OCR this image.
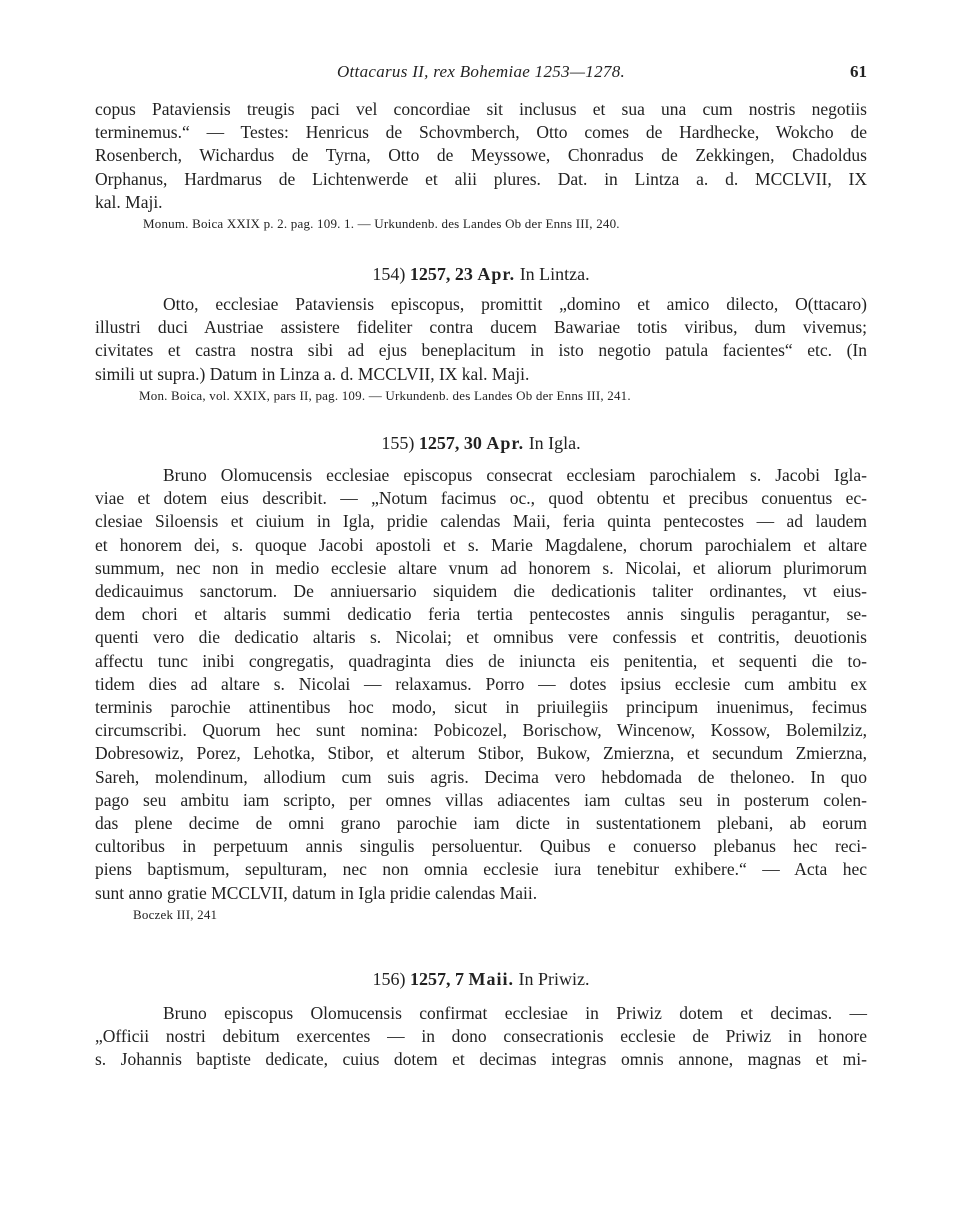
Ottacarus II, rex Bohemiae 1253—1278.	61
copus Pataviensis treugis paci vel concordiae sit inclusus et sua una cum nostris negotiis
terminemus.“ — Testes: Henricus de Schovmberch, Otto comes de Hardhecke, Wokcho de
Rosenberch, Wichardus de Tyrna, Otto de Meyssowe, Chonradus de Zekkingen, Chadoldus
Orphanus, Hardmarus de Lichtenwerde et alii plures. Dat. in Lintza a. d. MCCLVII, IX
kal. Maji.
Monum. Boica XXIX p. 2. pag. 109. 1. — Urkundenb. des Landes Ob der Enns III, 240.
154) 1257, 23 Apr. In Lintza.
Otto, ecclesiae Pataviensis episcopus, promittit „domino et amico dilecto, O(ttacaro)
illustri duci Austriae assistere fideliter contra ducem Bawariae totis viribus, dum vivemus;
civitates et castra nostra sibi ad ejus beneplacitum in isto negotio patula facientes“ etc. (In
simili ut supra.) Datum in Linza a. d. MCCLVII, IX kal. Maji.
Mon. Boica, vol. XXIX, pars II, pag. 109. — Urkundenb. des Landes Ob der Enns III, 241.
155) 1257, 30 Apr. In Igla.
Bruno Olomucensis ecclesiae episcopus consecrat ecclesiam parochialem s. Jacobi Igla-
viae et dotem eius describit. — „Notum facimus oc., quod obtentu et precibus conuentus ec-
clesiae Siloensis et ciuium in Igla, pridie calendas Maii, feria quinta pentecostes — ad laudem
et honorem dei, s. quoque Jacobi apostoli et s. Marie Magdalene, chorum parochialem et altare
summum, nec non in medio ecclesie altare vnum ad honorem s. Nicolai, et aliorum plurimorum
dedicauimus sanctorum. De anniuersario siquidem die dedicationis taliter ordinantes, vt eius-
dem chori et altaris summi dedicatio feria tertia pentecostes annis singulis peragantur, se-
quenti vero die dedicatio altaris s. Nicolai; et omnibus vere confessis et contritis, deuotionis
affectu tunc inibi congregatis, quadraginta dies de iniuncta eis penitentia, et sequenti die to-
tidem dies ad altare s. Nicolai — relaxamus. Porro — dotes ipsius ecclesie cum ambitu ex
terminis parochie attinentibus hoc modo, sicut in priuilegiis principum inuenimus, fecimus
circumscribi. Quorum hec sunt nomina: Pobicozel, Borischow, Wincenow, Kossow, Bolemilziz,
Dobresowiz, Porez, Lehotka, Stibor, et alterum Stibor, Bukow, Zmierzna, et secundum Zmierzna,
Sareh, molendinum, allodium cum suis agris. Decima vero hebdomada de theloneo. In quo
pago seu ambitu iam scripto, per omnes villas adiacentes iam cultas seu in posterum colen-
das plene decime de omni grano parochie iam dicte in sustentationem plebani, ab eorum
cultoribus in perpetuum annis singulis persoluentur. Quibus e conuerso plebanus hec reci-
piens baptismum, sepulturam, nec non omnia ecclesie iura tenebitur exhibere.“ — Acta hec
sunt anno gratie MCCLVII, datum in Igla pridie calendas Maii.
Boczek III, 241
156) 1257, 7 Maii. In Priwiz.
Bruno episcopus Olomucensis confirmat ecclesiae in Priwiz dotem et decimas. —
„Officii nostri debitum exercentes — in dono consecrationis ecclesie de Priwiz in honore
s. Johannis baptiste dedicate, cuius dotem et decimas integras omnis annone, magnas et mi-
